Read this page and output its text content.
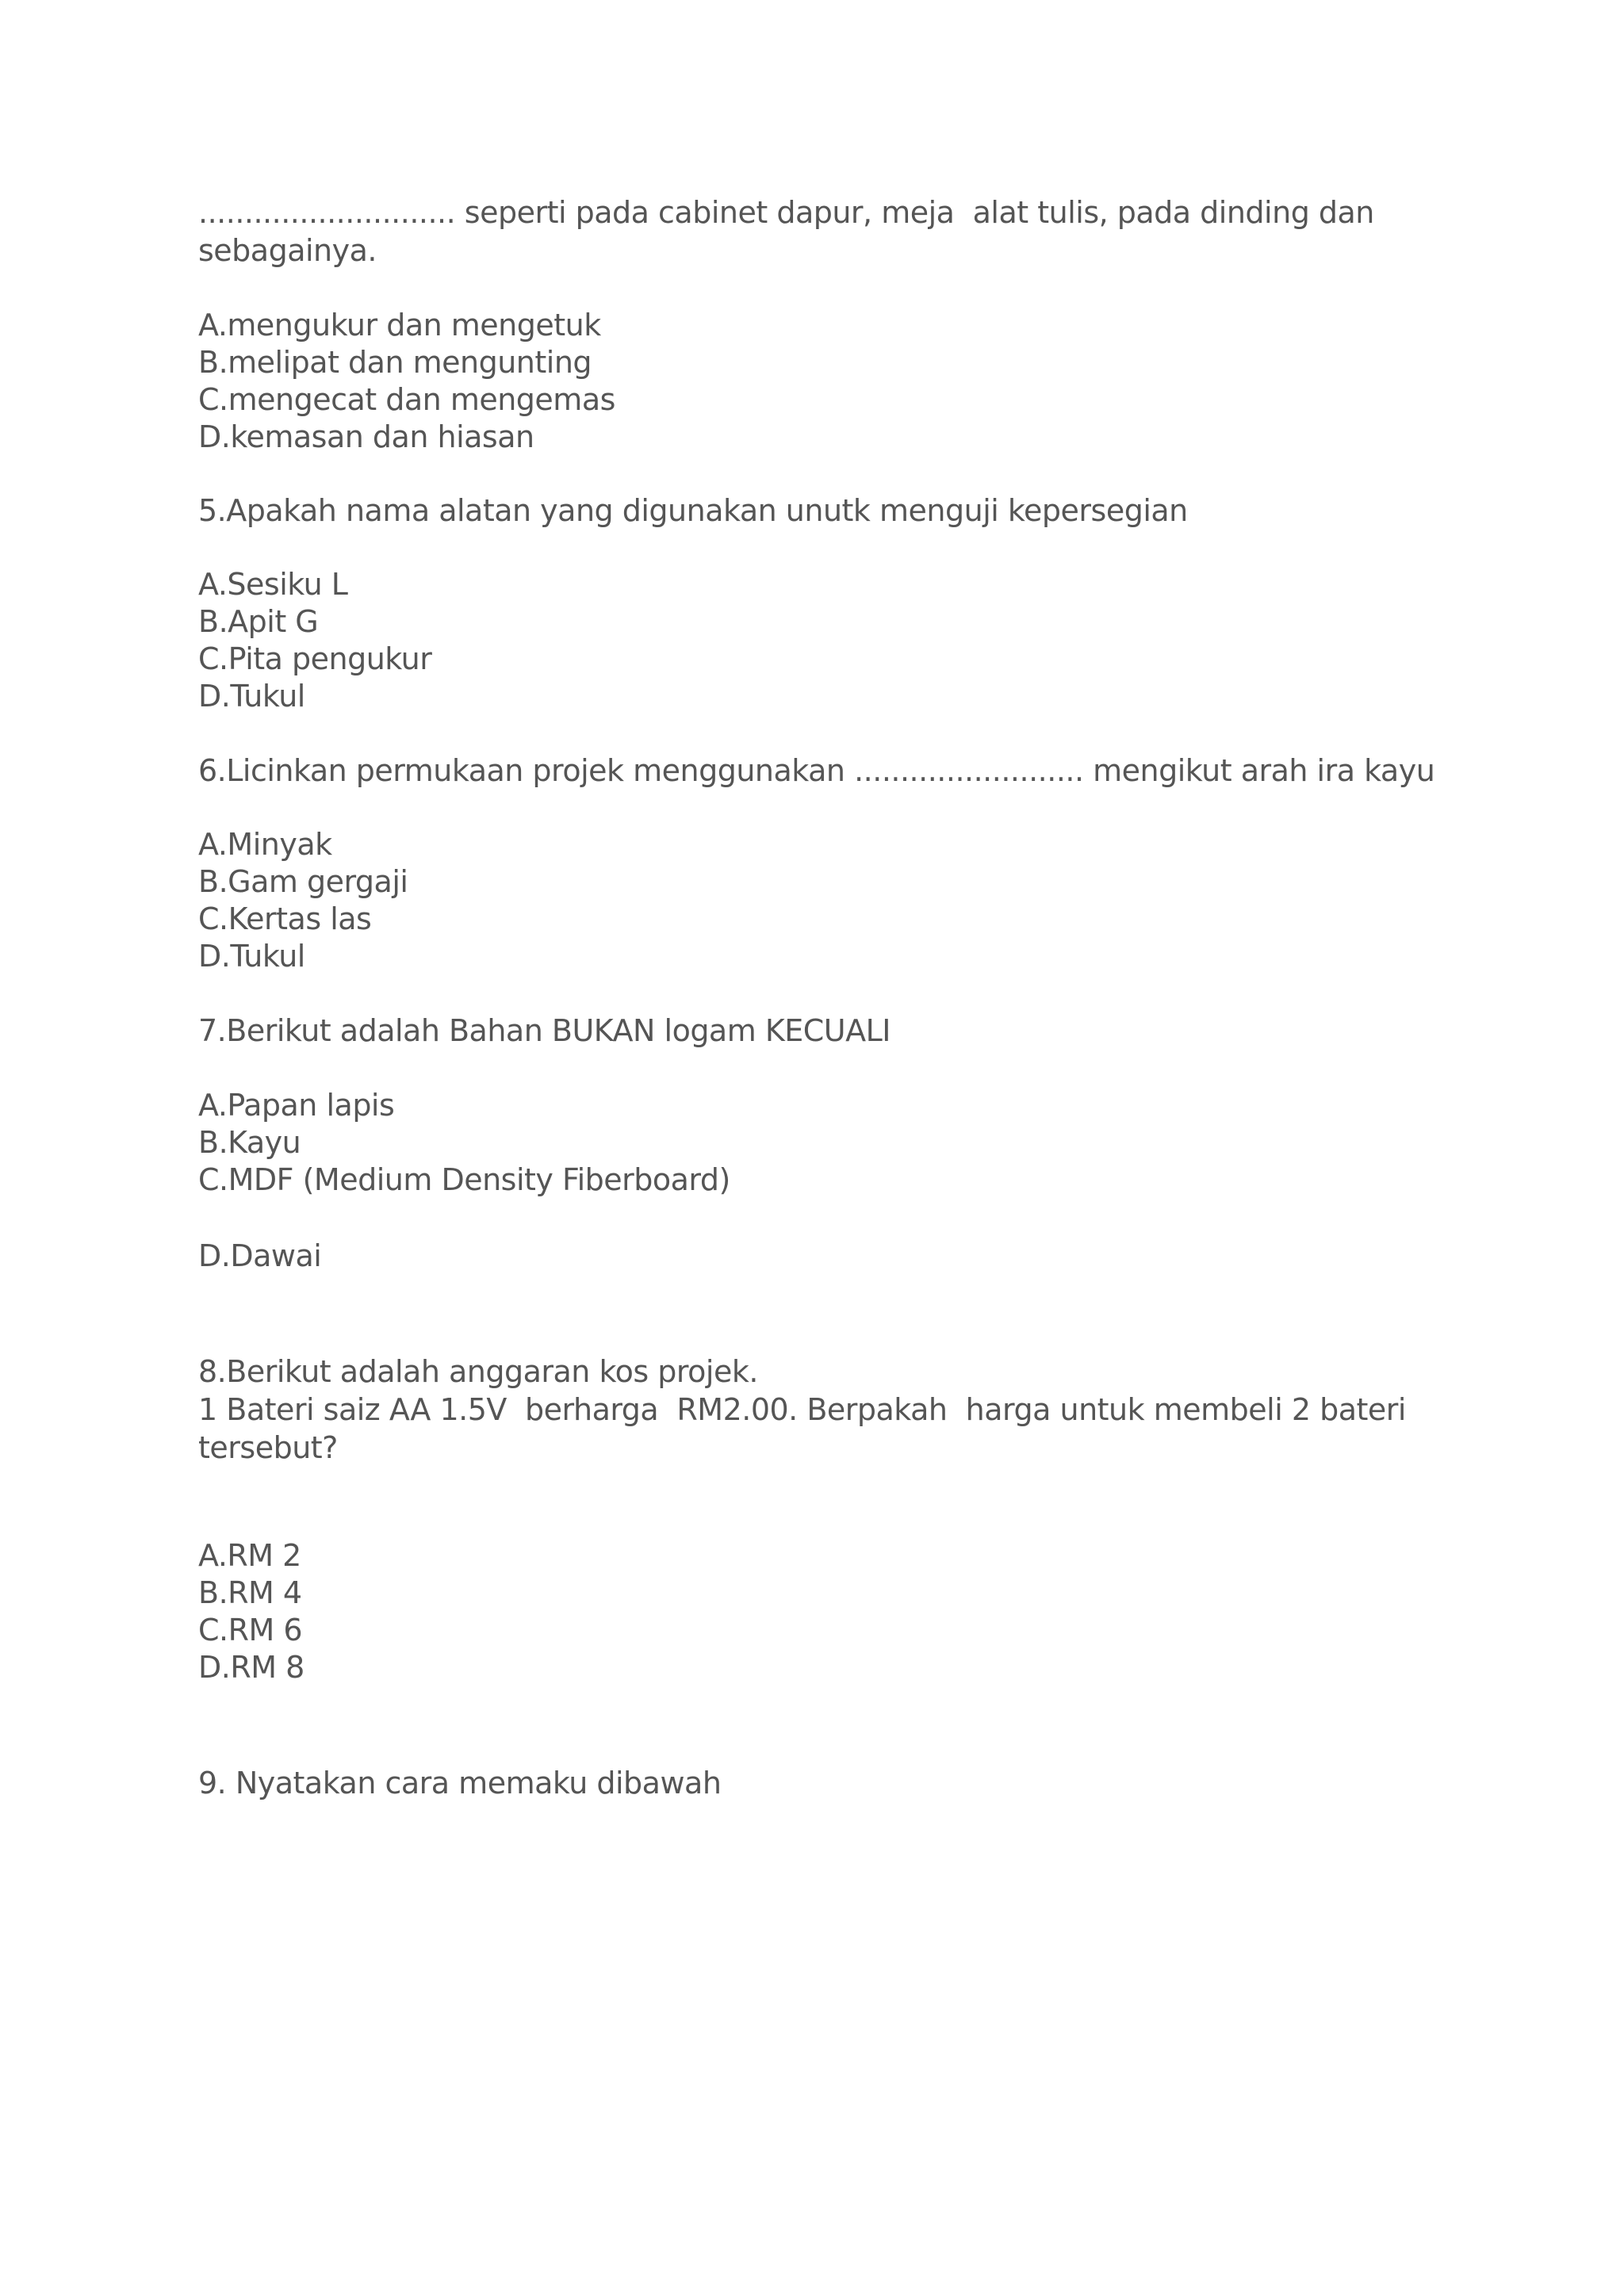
............................ seperti pada cabinet dapur, meja  alat tulis, pada dinding dan
sebagainya.
A.mengukur dan mengetuk
B.melipat dan mengunting
C.mengecat dan mengemas
D.kemasan dan hiasan
5.Apakah nama alatan yang digunakan unutk menguji kepersegian
A.Sesiku L
B.Apit G
C.Pita pengukur
D.Tukul
6.Licinkan permukaan projek menggunakan ......................... mengikut arah ira kayu
A.Minyak
B.Gam gergaji
C.Kertas las
D.Tukul
7.Berikut adalah Bahan BUKAN logam KECUALI
A.Papan lapis
B.Kayu
C.MDF (Medium Density Fiberboard)
D.Dawai
8.Berikut adalah anggaran kos projek.
1 Bateri saiz AA 1.5V  berharga  RM2.00. Berpakah  harga untuk membeli 2 bateri
tersebut?
A.RM 2
B.RM 4
C.RM 6
D.RM 8
9. Nyatakan cara memaku dibawah
